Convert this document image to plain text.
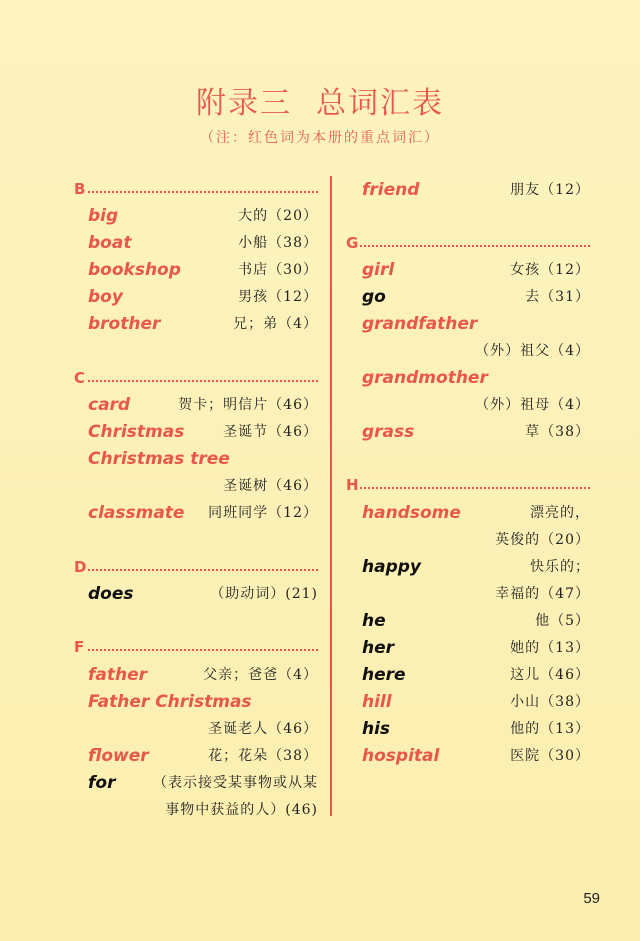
附录三 总词汇表
（注：红色词为本册的重点词汇）
B
big	大的（20）
boat	小船（38）
bookshop	书店（30）
boy	男孩（12）
brother	兄；弟（4）
C
card	贺卡；明信片（46）
Christmas	圣诞节（46）
Christmas tree
圣诞树（46）
classmate 同班同学（12）
D
does	（助动词）(21)
F
father	父亲；爸爸（4）
Father Christmas
圣诞老人（46）
flower	花；花朵（38）
for	（表示接受某事物或从某
事物中获益的人）(46)
friend	朋友（12）
G
girl	女孩（12）
go	去（31）
grandfather
（外）祖父（4）
grandmother
（外）祖母（4）
grass	草（38）
H
handsome	漂亮的，
英俊的（20）
happy	快乐的；
幸福的（47）
he	他（5）
her	她的（13）
here	这儿（46）
hill	小山（38）
his	他的（13）
hospital	医院（30）
59
